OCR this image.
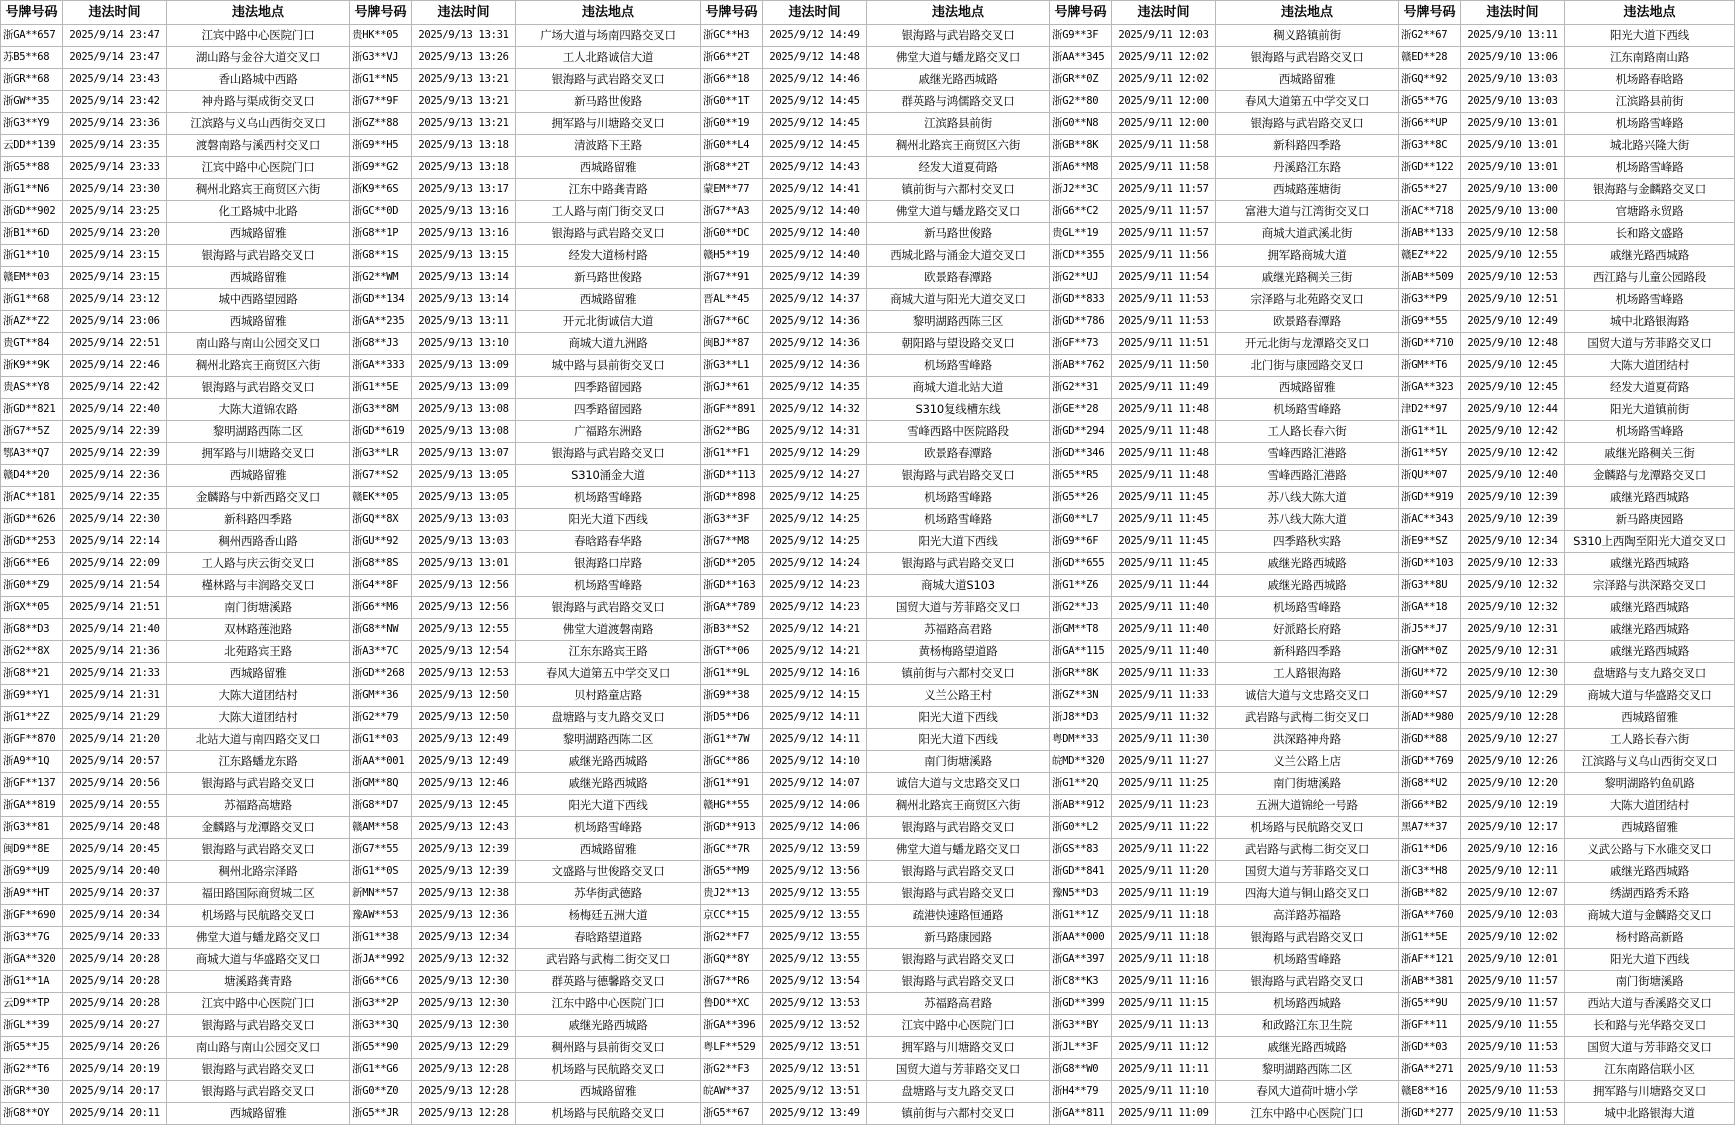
号牌号码	违法时间	违法地点	号牌号码	违法时间	违法地点	号牌号码	违法时间	违法地点	号牌号码	违法时间	违法地点	号牌号码	违法时间	违法地点
浙GA**657	2025/9/14 23:47	江宾中路中心医院门口	贵HK**05	2025/9/13 13:31	广场大道与场南四路交叉口	浙GC**H3	2025/9/12 14:49	银海路与武岩路交叉口	浙G9**3F	2025/9/11 12:03	稠义路镇前街	浙G2**67	2025/9/10 13:11	阳光大道下西线
苏B5**68	2025/9/14 23:47	湖山路与金谷大道交叉口	浙G3**VJ	2025/9/13 13:26	工人北路诚信大道	浙G6**2T	2025/9/12 14:48	佛堂大道与蟠龙路交叉口	浙AA**345	2025/9/11 12:02	银海路与武岩路交叉口	赣ED**28	2025/9/10 13:06	江东南路南山路
浙GR**68	2025/9/14 23:43	香山路城中西路	浙G1**N5	2025/9/13 13:21	银海路与武岩路交叉口	浙G6**18	2025/9/12 14:46	戚继光路西城路	浙GR**0Z	2025/9/11 12:02	西城路留雅	浙GQ**92	2025/9/10 13:03	机场路春晗路
浙GW**35	2025/9/14 23:42	神舟路与渠成街交叉口	浙G7**9F	2025/9/13 13:21	新马路世俊路	浙G0**1T	2025/9/12 14:45	群英路与鸿儒路交叉口	浙G2**80	2025/9/11 12:00	春风大道第五中学交叉口	浙G5**7G	2025/9/10 13:03	江滨路县前街
浙G3**Y9	2025/9/14 23:36	江滨路与义乌山西街交叉口	浙GZ**88	2025/9/13 13:21	拥军路与川塘路交叉口	浙G0**19	2025/9/12 14:45	江滨路县前街	浙G0**N8	2025/9/11 12:00	银海路与武岩路交叉口	浙G6**UP	2025/9/10 13:01	机场路雪峰路
云DD**139	2025/9/14 23:35	渡磐南路与溪西村交叉口	浙G9**H5	2025/9/13 13:18	清波路下王路	浙G0**L4	2025/9/12 14:45	稠州北路宾王商贸区六街	浙GB**8K	2025/9/11 11:58	新科路四季路	浙G3**8C	2025/9/10 13:01	城北路兴隆大街
浙G5**88	2025/9/14 23:33	江宾中路中心医院门口	浙G9**G2	2025/9/13 13:18	西城路留雅	浙G8**2T	2025/9/12 14:43	经发大道夏荷路	浙A6**M8	2025/9/11 11:58	丹溪路江东路	浙GD**122	2025/9/10 13:01	机场路雪峰路
浙G1**N6	2025/9/14 23:30	稠州北路宾王商贸区六街	浙K9**6S	2025/9/13 13:17	江东中路龚青路	蒙EM**77	2025/9/12 14:41	镇前街与六都村交叉口	浙J2**3C	2025/9/11 11:57	西城路莲塘街	浙G5**27	2025/9/10 13:00	银海路与金麟路交叉口
浙GD**902	2025/9/14 23:25	化工路城中北路	浙GC**0D	2025/9/13 13:16	工人路与南门街交叉口	浙G7**A3	2025/9/12 14:40	佛堂大道与蟠龙路交叉口	浙G6**C2	2025/9/11 11:57	富港大道与江湾街交叉口	浙AC**718	2025/9/10 13:00	官塘路永贸路
浙B1**6D	2025/9/14 23:20	西城路留雅	浙G8**1P	2025/9/13 13:16	银海路与武岩路交叉口	浙G0**DC	2025/9/12 14:40	新马路世俊路	贵GL**19	2025/9/11 11:57	商城大道武溪北街	浙AB**133	2025/9/10 12:58	长和路文盛路
浙G1**10	2025/9/14 23:15	银海路与武岩路交叉口	浙G8**1S	2025/9/13 13:15	经发大道杨村路	赣H5**19	2025/9/12 14:40	西城北路与涌金大道交叉口	浙CD**355	2025/9/11 11:56	拥军路商城大道	赣EZ**22	2025/9/10 12:55	戚继光路西城路
赣EM**03	2025/9/14 23:15	西城路留雅	浙G2**WM	2025/9/13 13:14	新马路世俊路	浙G7**91	2025/9/12 14:39	欧景路春潭路	浙G2**UJ	2025/9/11 11:54	戚继光路稠关三街	浙AB**509	2025/9/10 12:53	西江路与儿童公园路段
浙G1**68	2025/9/14 23:12	城中西路望园路	浙GD**134	2025/9/13 13:14	西城路留雅	晋AL**45	2025/9/12 14:37	商城大道与阳光大道交叉口	浙GD**833	2025/9/11 11:53	宗泽路与北苑路交叉口	浙G3**P9	2025/9/10 12:51	机场路雪峰路
浙AZ**Z2	2025/9/14 23:06	西城路留雅	浙GA**235	2025/9/13 13:11	开元北街诚信大道	浙G7**6C	2025/9/12 14:36	黎明湖路西陈三区	浙GD**786	2025/9/11 11:53	欧景路春潭路	浙G9**55	2025/9/10 12:49	城中北路银海路
贵GT**84	2025/9/14 22:51	南山路与南山公园交叉口	浙G8**J3	2025/9/13 13:10	商城大道九洲路	闽BJ**87	2025/9/12 14:36	朝阳路与望设路交叉口	浙GF**73	2025/9/11 11:51	开元北街与龙潭路交叉口	浙GD**710	2025/9/10 12:48	国贸大道与芳菲路交叉口
浙K9**9K	2025/9/14 22:46	稠州北路宾王商贸区六街	浙GA**333	2025/9/13 13:09	城中路与县前街交叉口	浙G3**L1	2025/9/12 14:36	机场路雪峰路	浙AB**762	2025/9/11 11:50	北门街与康园路交叉口	浙GM**T6	2025/9/10 12:45	大陈大道团结村
贵AS**Y8	2025/9/14 22:42	银海路与武岩路交叉口	浙G1**5E	2025/9/13 13:09	四季路留园路	浙GJ**61	2025/9/12 14:35	商城大道北站大道	浙G2**31	2025/9/11 11:49	西城路留雅	浙GA**323	2025/9/10 12:45	经发大道夏荷路
浙GD**821	2025/9/14 22:40	大陈大道锦农路	浙G3**8M	2025/9/13 13:08	四季路留园路	浙GF**891	2025/9/12 14:32	S310复线槽东线	浙GE**28	2025/9/11 11:48	机场路雪峰路	津D2**97	2025/9/10 12:44	阳光大道镇前街
浙G7**5Z	2025/9/14 22:39	黎明湖路西陈二区	浙GD**619	2025/9/13 13:08	广福路东洲路	浙G2**BG	2025/9/12 14:31	雪峰西路中医院路段	浙GD**294	2025/9/11 11:48	工人路长春六街	浙G1**1L	2025/9/10 12:42	机场路雪峰路
鄂A3**Q7	2025/9/14 22:39	拥军路与川塘路交叉口	浙G3**LR	2025/9/13 13:07	银海路与武岩路交叉口	浙G1**F1	2025/9/12 14:29	欧景路春潭路	浙GD**346	2025/9/11 11:48	雪峰西路汇港路	浙G1**5Y	2025/9/10 12:42	戚继光路稠关三街
赣D4**20	2025/9/14 22:36	西城路留雅	浙G7**S2	2025/9/13 13:05	S310涌金大道	浙GD**113	2025/9/12 14:27	银海路与武岩路交叉口	浙G5**R5	2025/9/11 11:48	雪峰西路汇港路	浙QU**07	2025/9/10 12:40	金麟路与龙潭路交叉口
浙AC**181	2025/9/14 22:35	金麟路与中新西路交叉口	赣EK**05	2025/9/13 13:05	机场路雪峰路	浙GD**898	2025/9/12 14:25	机场路雪峰路	浙G5**26	2025/9/11 11:45	苏八线大陈大道	浙GD**919	2025/9/10 12:39	戚继光路西城路
浙GD**626	2025/9/14 22:30	新科路四季路	浙GQ**8X	2025/9/13 13:03	阳光大道下西线	浙G3**3F	2025/9/12 14:25	机场路雪峰路	浙G0**L7	2025/9/11 11:45	苏八线大陈大道	浙AC**343	2025/9/10 12:39	新马路庚园路
浙GD**253	2025/9/14 22:14	稠州西路香山路	浙GU**92	2025/9/13 13:03	春晗路春华路	浙G7**M8	2025/9/12 14:25	阳光大道下西线	浙G9**6F	2025/9/11 11:45	四季路秋实路	浙E9**SZ	2025/9/10 12:34	S310上西陶至阳光大道交叉口
浙G6**E6	2025/9/14 22:09	工人路与庆云街交叉口	浙G8**8S	2025/9/13 13:01	银海路口岸路	浙GD**205	2025/9/12 14:24	银海路与武岩路交叉口	浙GD**655	2025/9/11 11:45	戚继光路西城路	浙GD**103	2025/9/10 12:33	戚继光路西城路
浙G0**Z9	2025/9/14 21:54	槿林路与丰润路交叉口	浙G4**8F	2025/9/13 12:56	机场路雪峰路	浙GD**163	2025/9/12 14:23	商城大道S103	浙G1**Z6	2025/9/11 11:44	戚继光路西城路	浙G3**8U	2025/9/10 12:32	宗泽路与洪深路交叉口
浙GX**05	2025/9/14 21:51	南门街塘溪路	浙G6**M6	2025/9/13 12:56	银海路与武岩路交叉口	浙GA**789	2025/9/12 14:23	国贸大道与芳菲路交叉口	浙G2**J3	2025/9/11 11:40	机场路雪峰路	浙GA**18	2025/9/10 12:32	戚继光路西城路
浙G8**D3	2025/9/14 21:40	双林路莲池路	浙G8**NW	2025/9/13 12:55	佛堂大道渡磐南路	浙B3**S2	2025/9/12 14:21	苏福路高君路	浙GM**T8	2025/9/11 11:40	好派路长府路	浙J5**J7	2025/9/10 12:31	戚继光路西城路
浙G2**8X	2025/9/14 21:36	北苑路宾王路	浙A3**7C	2025/9/13 12:54	江东东路宾王路	浙GT**06	2025/9/12 14:21	黄杨梅路望道路	浙GA**115	2025/9/11 11:40	新科路四季路	浙GM**0Z	2025/9/10 12:31	戚继光路西城路
浙G8**21	2025/9/14 21:33	西城路留雅	浙GD**268	2025/9/13 12:53	春风大道第五中学交叉口	浙G1**9L	2025/9/12 14:16	镇前街与六都村交叉口	浙GR**8K	2025/9/11 11:33	工人路银海路	浙GU**72	2025/9/10 12:30	盘塘路与支九路交叉口
浙G9**Y1	2025/9/14 21:31	大陈大道团结村	浙GM**36	2025/9/13 12:50	贝村路童店路	浙G9**38	2025/9/12 14:15	义兰公路王村	浙GZ**3N	2025/9/11 11:33	诚信大道与文忠路交叉口	浙G0**S7	2025/9/10 12:29	商城大道与华盛路交叉口
浙G1**2Z	2025/9/14 21:29	大陈大道团结村	浙G2**79	2025/9/13 12:50	盘塘路与支九路交叉口	浙D5**D6	2025/9/12 14:11	阳光大道下西线	浙J8**D3	2025/9/11 11:32	武岩路与武梅二街交叉口	浙AD**980	2025/9/10 12:28	西城路留雅
浙GF**870	2025/9/14 21:20	北站大道与南四路交叉口	浙G1**03	2025/9/13 12:49	黎明湖路西陈二区	浙G1**7W	2025/9/12 14:11	阳光大道下西线	粤DM**33	2025/9/11 11:30	洪深路神舟路	浙GD**88	2025/9/10 12:27	工人路长春六街
浙A9**1Q	2025/9/14 20:57	江东路蟠龙东路	浙AA**001	2025/9/13 12:49	戚继光路西城路	浙GC**86	2025/9/12 14:10	南门街塘溪路	皖MD**320	2025/9/11 11:27	义兰公路上店	浙GD**769	2025/9/10 12:26	江滨路与义乌山西街交叉口
浙GF**137	2025/9/14 20:56	银海路与武岩路交叉口	浙GM**8Q	2025/9/13 12:46	戚继光路西城路	浙G1**91	2025/9/12 14:07	诚信大道与文忠路交叉口	浙G1**2Q	2025/9/11 11:25	南门街塘溪路	浙G8**U2	2025/9/10 12:20	黎明湖路钓鱼矶路
浙GA**819	2025/9/14 20:55	苏福路高塘路	浙G8**D7	2025/9/13 12:45	阳光大道下西线	赣HG**55	2025/9/12 14:06	稠州北路宾王商贸区六街	浙AB**912	2025/9/11 11:23	五洲大道锦纶一号路	浙G6**B2	2025/9/10 12:19	大陈大道团结村
浙G3**81	2025/9/14 20:48	金麟路与龙潭路交叉口	赣AM**58	2025/9/13 12:43	机场路雪峰路	浙GD**913	2025/9/12 14:06	银海路与武岩路交叉口	浙G0**L2	2025/9/11 11:22	机场路与民航路交叉口	黑A7**37	2025/9/10 12:17	西城路留雅
闽D9**8E	2025/9/14 20:45	银海路与武岩路交叉口	浙G7**55	2025/9/13 12:39	西城路留雅	浙GC**7R	2025/9/12 13:59	佛堂大道与蟠龙路交叉口	浙GS**83	2025/9/11 11:22	武岩路与武梅二街交叉口	浙G1**D6	2025/9/10 12:16	义武公路与下水碓交叉口
浙G9**U9	2025/9/14 20:40	稠州北路宗泽路	浙G1**0S	2025/9/13 12:39	文盛路与世俊路交叉口	浙G5**M9	2025/9/12 13:56	银海路与武岩路交叉口	浙GD**841	2025/9/11 11:20	国贸大道与芳菲路交叉口	浙C3**H8	2025/9/10 12:11	戚继光路西城路
浙A9**HT	2025/9/14 20:37	福田路国际商贸城二区	新MN**57	2025/9/13 12:38	苏华街武德路	贵J2**13	2025/9/12 13:55	银海路与武岩路交叉口	豫N5**D3	2025/9/11 11:19	四海大道与铜山路交叉口	浙GB**82	2025/9/10 12:07	绣湖西路秀禾路
浙GF**690	2025/9/14 20:34	机场路与民航路交叉口	豫AW**53	2025/9/13 12:36	杨梅廷五洲大道	京CC**15	2025/9/12 13:55	疏港快速路恒通路	浙G1**1Z	2025/9/11 11:18	高洋路苏福路	浙GA**760	2025/9/10 12:03	商城大道与金麟路交叉口
浙G3**7G	2025/9/14 20:33	佛堂大道与蟠龙路交叉口	浙G1**38	2025/9/13 12:34	春晗路望道路	浙G2**F7	2025/9/12 13:55	新马路康园路	浙AA**000	2025/9/11 11:18	银海路与武岩路交叉口	浙G1**5E	2025/9/10 12:02	杨村路高新路
浙GA**320	2025/9/14 20:28	商城大道与华盛路交叉口	浙JA**992	2025/9/13 12:32	武岩路与武梅二街交叉口	浙GQ**8Y	2025/9/12 13:55	银海路与武岩路交叉口	浙GA**397	2025/9/11 11:18	机场路雪峰路	浙AF**121	2025/9/10 12:01	阳光大道下西线
浙G1**1A	2025/9/14 20:28	塘溪路龚青路	浙G6**C6	2025/9/13 12:30	群英路与德馨路交叉口	浙G7**R6	2025/9/12 13:54	银海路与武岩路交叉口	浙C8**K3	2025/9/11 11:16	银海路与武岩路交叉口	浙AB**381	2025/9/10 11:57	南门街塘溪路
云D9**TP	2025/9/14 20:28	江宾中路中心医院门口	浙G3**2P	2025/9/13 12:30	江东中路中心医院门口	鲁DO**XC	2025/9/12 13:53	苏福路高君路	浙GD**399	2025/9/11 11:15	机场路西城路	浙G5**9U	2025/9/10 11:57	西站大道与香溪路交叉口
浙GL**39	2025/9/14 20:27	银海路与武岩路交叉口	浙G3**3Q	2025/9/13 12:30	戚继光路西城路	浙GA**396	2025/9/12 13:52	江宾中路中心医院门口	浙G3**BY	2025/9/11 11:13	和政路江东卫生院	浙GF**11	2025/9/10 11:55	长和路与光华路交叉口
浙G5**J5	2025/9/14 20:26	南山路与南山公园交叉口	浙G5**90	2025/9/13 12:29	稠州路与县前街交叉口	粤LF**529	2025/9/12 13:51	拥军路与川塘路交叉口	浙JL**3F	2025/9/11 11:12	戚继光路西城路	浙GD**03	2025/9/10 11:53	国贸大道与芳菲路交叉口
浙G2**T6	2025/9/14 20:19	银海路与武岩路交叉口	浙G1**G6	2025/9/13 12:28	机场路与民航路交叉口	浙G2**F3	2025/9/12 13:51	国贸大道与芳菲路交叉口	浙G8**W0	2025/9/11 11:11	黎明湖路西陈二区	浙GA**271	2025/9/10 11:53	江东南路信联小区
浙GR**30	2025/9/14 20:17	银海路与武岩路交叉口	浙G0**Z0	2025/9/13 12:28	西城路留雅	皖AW**37	2025/9/12 13:51	盘塘路与支九路交叉口	浙H4**79	2025/9/11 11:10	春风大道荷叶塘小学	赣E8**16	2025/9/10 11:53	拥军路与川塘路交叉口
浙G8**OY	2025/9/14 20:11	西城路留雅	浙G5**JR	2025/9/13 12:28	机场路与民航路交叉口	浙G5**67	2025/9/12 13:49	镇前街与六都村交叉口	浙GA**811	2025/9/11 11:09	江东中路中心医院门口	浙GD**277	2025/9/10 11:53	城中北路银海大道
